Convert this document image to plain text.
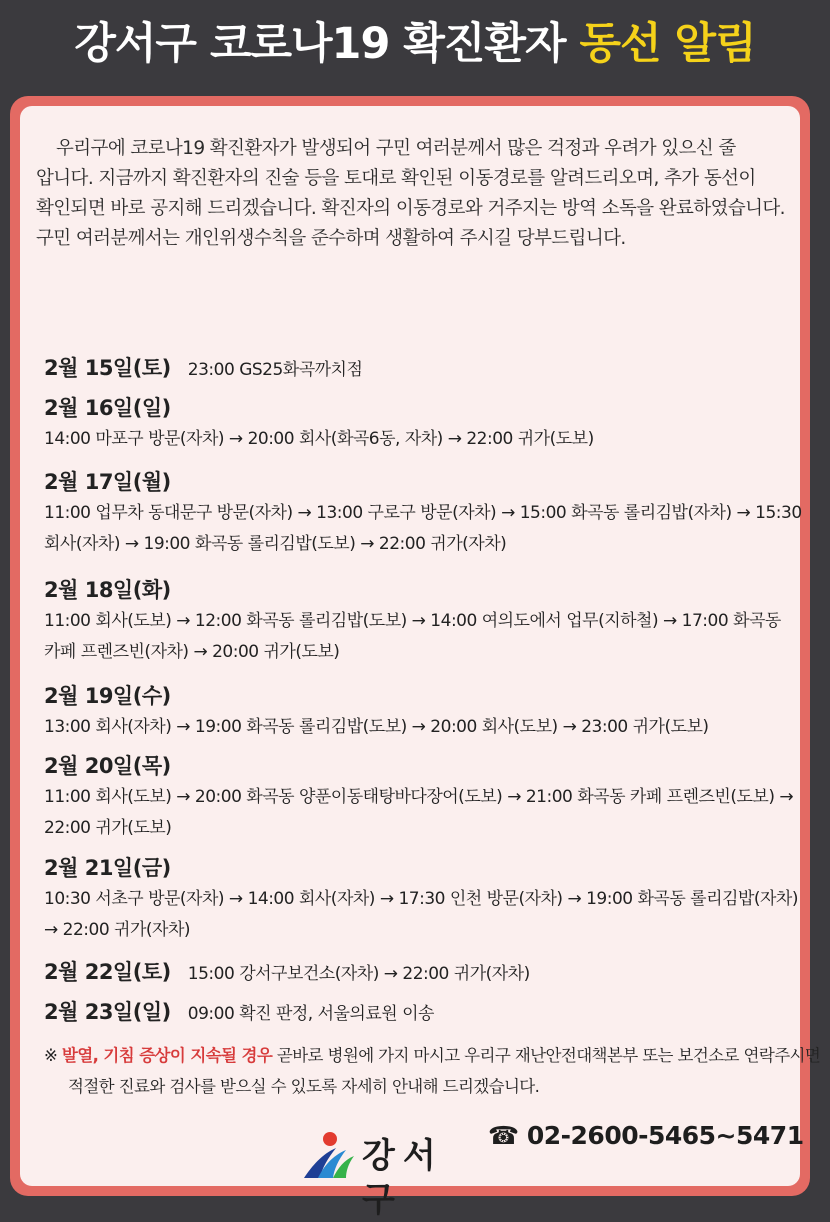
강서구 코로나19 확진환자 동선 알림
우리구에 코로나19 확진환자가 발생되어 구민 여러분께서 많은 걱정과 우려가 있으신 줄 압니다. 지금까지 확진환자의 진술 등을 토대로 확인된 이동경로를 알려드리오며, 추가 동선이 확인되면 바로 공지해 드리겠습니다. 확진자의 이동경로와 거주지는 방역 소독을 완료하였습니다. 구민 여러분께서는 개인위생수칙을 준수하며 생활하여 주시길 당부드립니다.
2월 15일(토) 23:00 GS25화곡까치점
2월 16일(일)
14:00 마포구 방문(자차) → 20:00 회사(화곡6동, 자차) → 22:00 귀가(도보)
2월 17일(월)
11:00 업무차 동대문구 방문(자차) → 13:00 구로구 방문(자차) → 15:00 화곡동 롤리김밥(자차) → 15:30 회사(자차) → 19:00 화곡동 롤리김밥(도보) → 22:00 귀가(자차)
2월 18일(화)
11:00 회사(도보) → 12:00 화곡동 롤리김밥(도보) → 14:00 여의도에서 업무(지하철) → 17:00 화곡동 카페 프렌즈빈(자차) → 20:00 귀가(도보)
2월 19일(수)
13:00 회사(자차) → 19:00 화곡동 롤리김밥(도보) → 20:00 회사(도보) → 23:00 귀가(도보)
2월 20일(목)
11:00 회사(도보) → 20:00 화곡동 양푼이동태탕바다장어(도보) → 21:00 화곡동 카페 프렌즈빈(도보) → 22:00 귀가(도보)
2월 21일(금)
10:30 서초구 방문(자차) → 14:00 회사(자차) → 17:30 인천 방문(자차) → 19:00 화곡동 롤리김밥(자차) → 22:00 귀가(자차)
2월 22일(토) 15:00 강서구보건소(자차) → 22:00 귀가(자차)
2월 23일(일) 09:00 확진 판정, 서울의료원 이송
※ 발열, 기침 증상이 지속될 경우 곧바로 병원에 가지 마시고 우리구 재난안전대책본부 또는 보건소로 연락주시면 적절한 진료와 검사를 받으실 수 있도록 자세히 안내해 드리겠습니다.
강서구
☎ 02-2600-5465~5471
